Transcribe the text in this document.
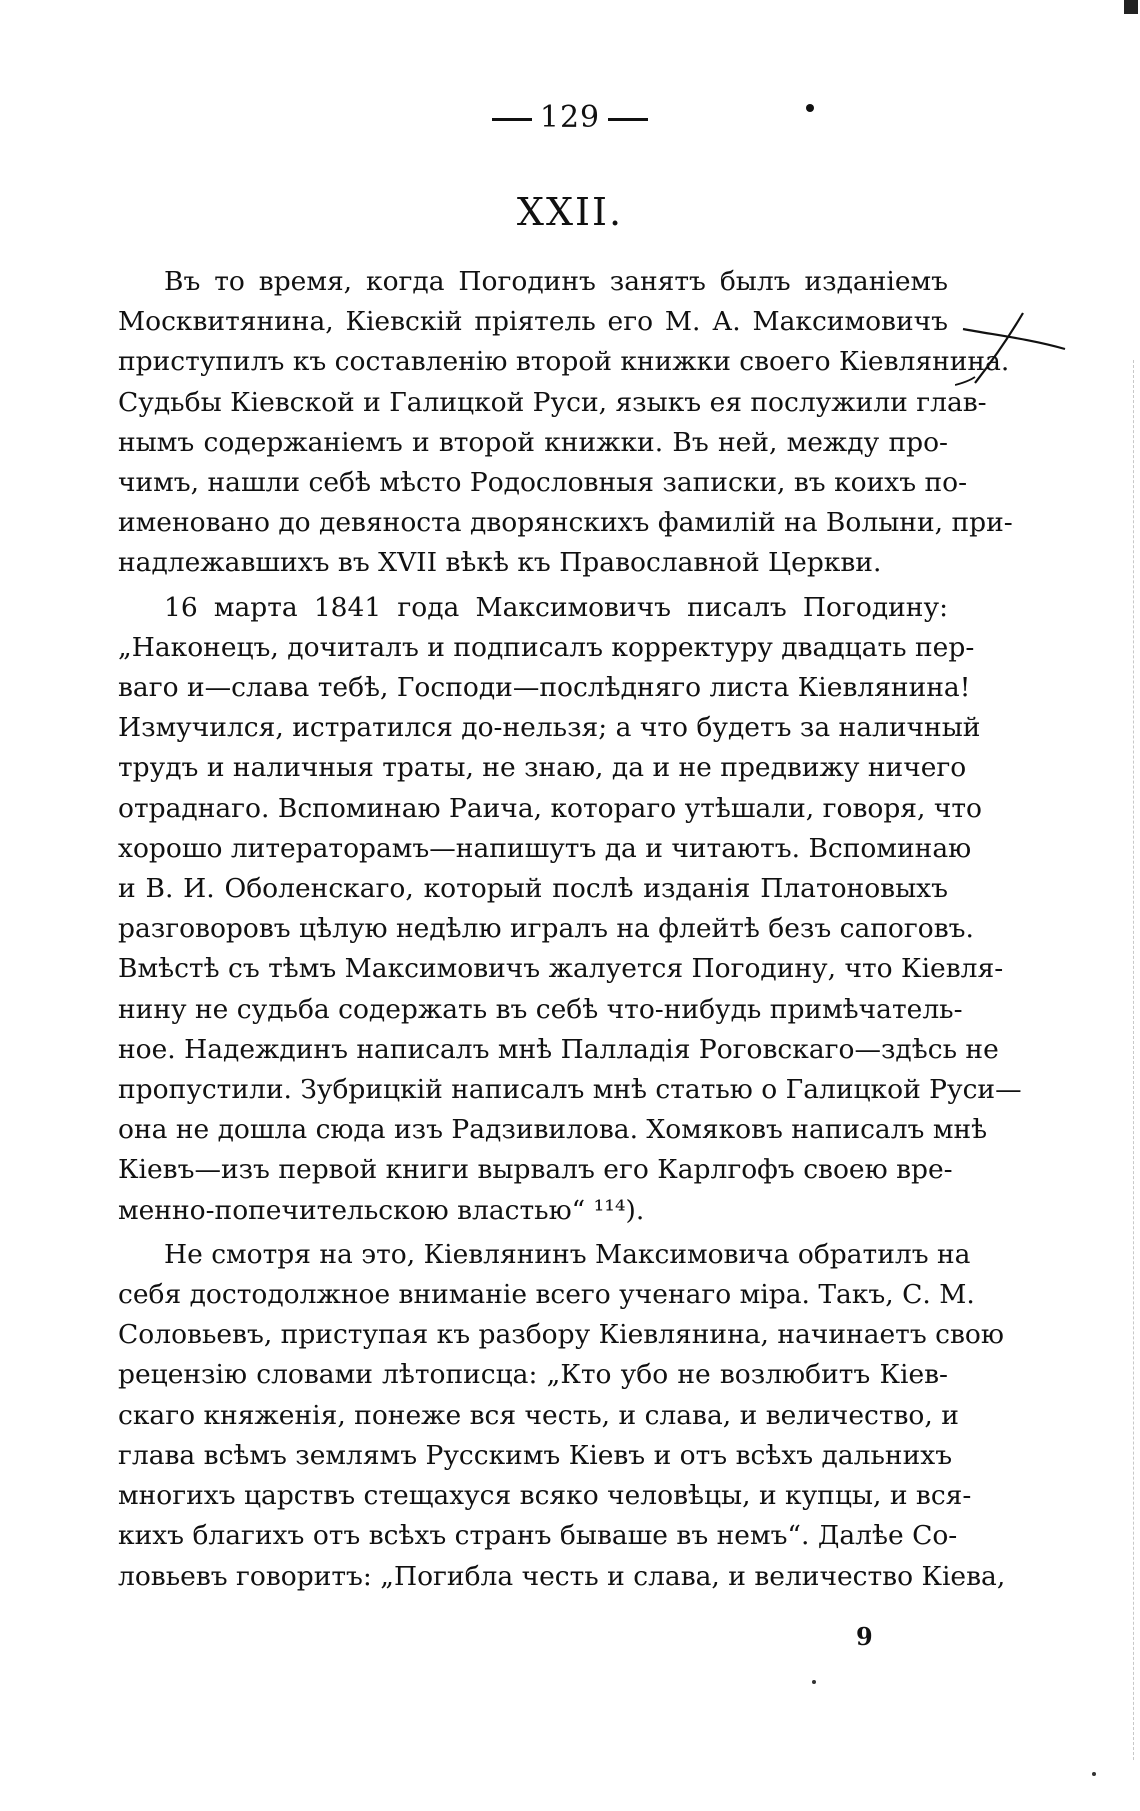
129
XXII.
Въ то время, когда Погодинъ занятъ былъ изданіемъ
Москвитянина, Кіевскій пріятель его М. А. Максимовичъ
приступилъ къ составленію второй книжки своего Кіевлянина.
Судьбы Кіевской и Галицкой Руси, языкъ ея послужили глав-
нымъ содержаніемъ и второй книжки. Въ ней, между про-
чимъ, нашли себѣ мѣсто Родословныя записки, въ коихъ по-
именовано до девяноста дворянскихъ фамилій на Волыни, при-
надлежавшихъ въ XVII вѣкѣ къ Православной Церкви.
16 марта 1841 года Максимовичъ писалъ Погодину:
„Наконецъ, дочиталъ и подписалъ корректуру двадцать пер-
ваго и—слава тебѣ, Господи—послѣдняго листа Кіевлянина!
Измучился, истратился до-нельзя; а что будетъ за наличный
трудъ и наличныя траты, не знаю, да и не предвижу ничего
отраднаго. Вспоминаю Раича, котораго утѣшали, говоря, что
хорошо литераторамъ—напишутъ да и читаютъ. Вспоминаю
и В. И. Оболенскаго, который послѣ изданія Платоновыхъ
разговоровъ цѣлую недѣлю игралъ на флейтѣ безъ сапоговъ.
Вмѣстѣ съ тѣмъ Максимовичъ жалуется Погодину, что Кіевля-
нину не судьба содержать въ себѣ что-нибудь примѣчатель-
ное. Надеждинъ написалъ мнѣ Палладія Роговскаго—здѣсь не
пропустили. Зубрицкій написалъ мнѣ статью о Галицкой Руси—
она не дошла сюда изъ Радзивилова. Хомяковъ написалъ мнѣ
Кіевъ—изъ первой книги вырвалъ его Карлгофъ своею вре-
менно-попечительскою властью“ ¹¹⁴).
Не смотря на это, Кіевлянинъ Максимовича обратилъ на
себя достодолжное вниманіе всего ученаго міра. Такъ, С. М.
Соловьевъ, приступая къ разбору Кіевлянина, начинаетъ свою
рецензію словами лѣтописца: „Кто убо не возлюбитъ Кіев-
скаго княженія, понеже вся честь, и слава, и величество, и
глава всѣмъ землямъ Русскимъ Кіевъ и отъ всѣхъ дальнихъ
многихъ царствъ стещахуся всяко человѣцы, и купцы, и вся-
кихъ благихъ отъ всѣхъ странъ бываше въ немъ“. Далѣе Со-
ловьевъ говоритъ: „Погибла честь и слава, и величество Кіева,
9
